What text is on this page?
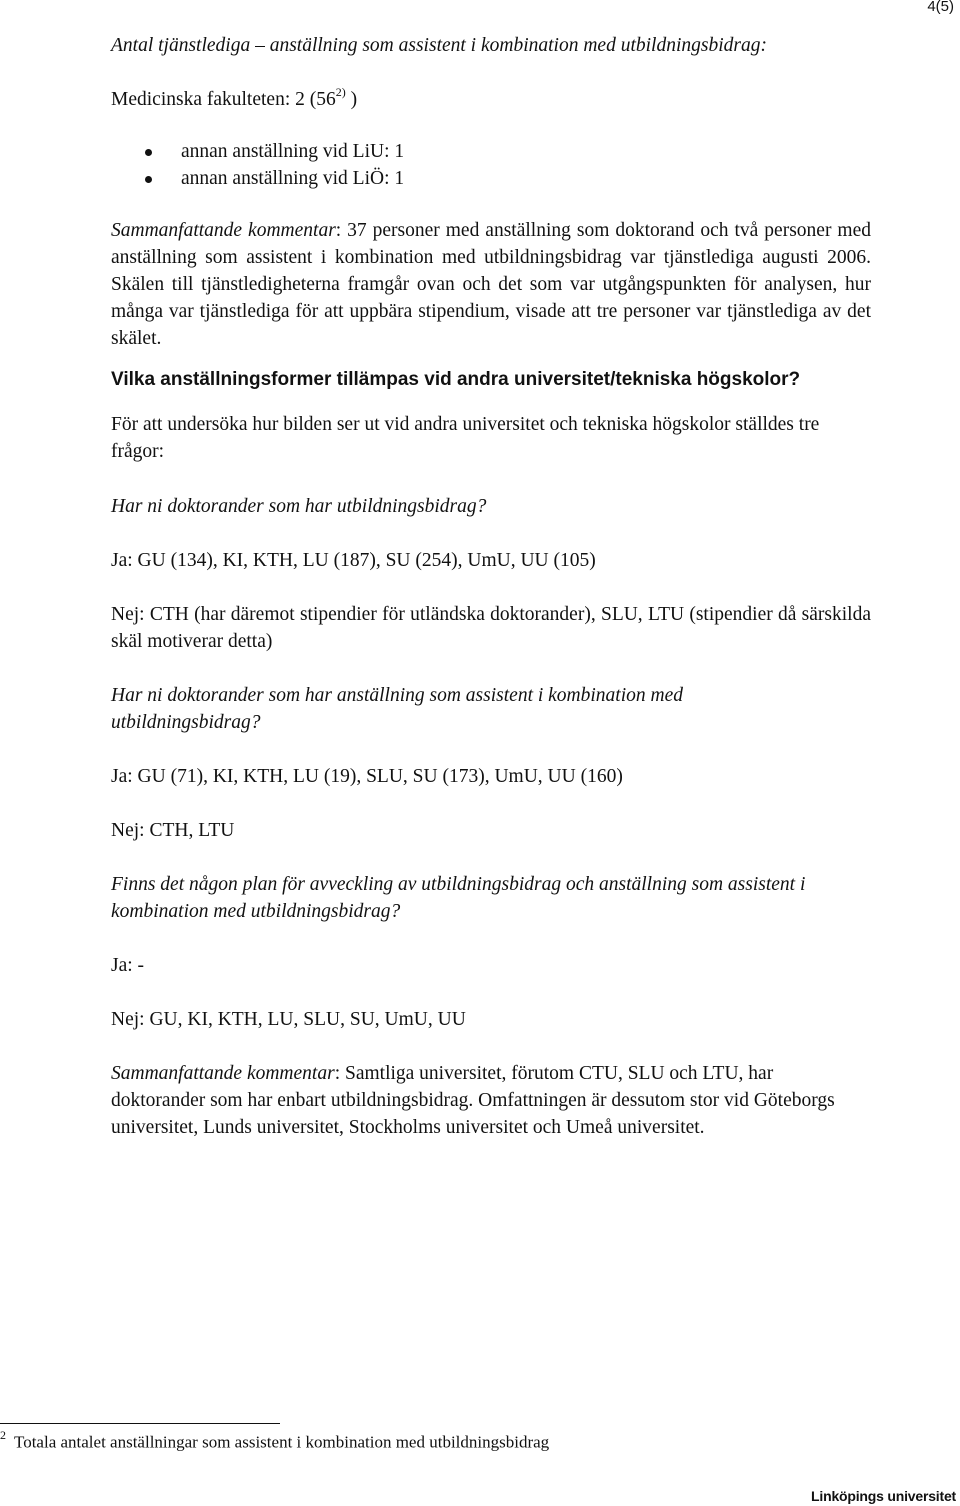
4(5)

Antal tjänstlediga – anställning som assistent i kombination med utbildningsbidrag:

Medicinska fakulteten: 2 (56$^{2)}$ )

annan anställning vid LiU: 1
annan anställning vid LiÖ: 1

Sammanfattande kommentar: 37 personer med anställning som doktorand och två personer med anställning som assistent i kombination med utbildningsbidrag var tjänstlediga augusti 2006. Skälen till tjänstledigheterna framgår ovan och det som var utgångspunkten för analysen, hur många var tjänstlediga för att uppbära stipendium, visade att tre personer var tjänstlediga av det skälet.

Vilka anställningsformer tillämpas vid andra universitet/tekniska högskolor?

För att undersöka hur bilden ser ut vid andra universitet och tekniska högskolor ställdes tre frågor:

Har ni doktorander som har utbildningsbidrag?

Ja: GU (134), KI, KTH, LU (187), SU (254), UmU, UU (105)

Nej: CTH (har däremot stipendier för utländska doktorander), SLU, LTU (stipendier då särskilda skäl motiverar detta)

Har ni doktorander som har anställning som assistent i kombination med utbildningsbidrag?

Ja: GU (71), KI, KTH, LU (19), SLU, SU (173), UmU, UU (160)

Nej: CTH, LTU

Finns det någon plan för avveckling av utbildningsbidrag och anställning som assistent i kombination med utbildningsbidrag?

Ja: -

Nej: GU, KI, KTH, LU, SLU, SU, UmU, UU

Sammanfattande kommentar: Samtliga universitet, förutom CTU, SLU och LTU, har doktorander som har enbart utbildningsbidrag. Omfattningen är dessutom stor vid Göteborgs universitet, Lunds universitet, Stockholms universitet och Umeå universitet.

$^2$ Totala antalet anställningar som assistent i kombination med utbildningsbidrag
Linköpings universitet
